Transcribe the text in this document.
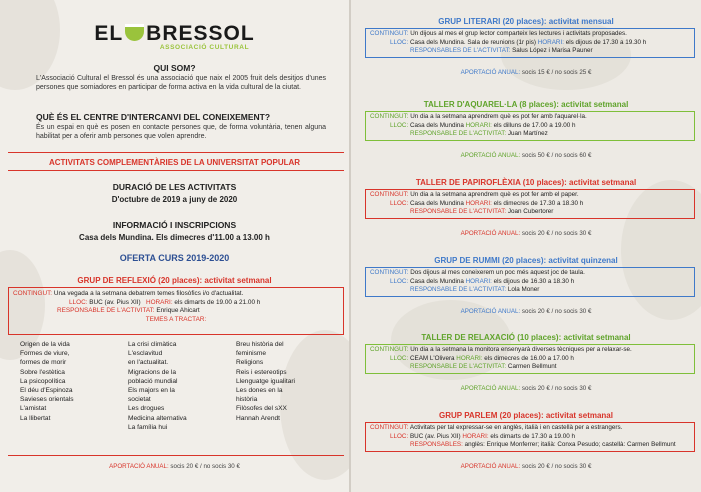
EL BRESSOL
ASSOCIACIÓ CULTURAL
QUI SOM?
L'Associació Cultural el Bressol és una associació que naix el 2005 fruit dels desitjos d'unes persones que somiadores en participar de forma activa en la vida cultural de la ciutat.
QUÈ ÉS EL CENTRE D'INTERCANVI DEL CONEIXEMENT?
És un espai en què es posen en contacte persones que, de forma voluntària, tenen alguna habilitat per a oferir amb persones que volen aprendre.
ACTIVITATS COMPLEMENTÀRIES DE LA UNIVERSITAT POPULAR
DURACIÓ DE LES ACTIVITATS
D'octubre de 2019 a juny de 2020
INFORMACIÓ I INSCRIPCIONS
Casa dels Mundina. Els dimecres d'11.00 a 13.00 h
OFERTA CURS 2019-2020
GRUP DE REFLEXIÓ (20 places): activitat setmanal
CONTINGUT: Una vegada a la setmana debatrem temes filosòfics i/o d'actualitat.
LLOC: BUC (av. Pius XII) HORARI: els dimarts de 19.00 a 21.00 h
RESPONSABLE DE L'ACTIVITAT: Enrique Ahicart
TEMES A TRACTAR:
Origen de la vida
Formes de viure,
formes de morir
Sobre l'estètica
La psicopolítica
El déu d'Espinoza
Savieses orientals
L'amistat
La llibertat
La crisi climàtica
L'esclavitud
en l'actualitat.
Migracions de la
població mundial
Els majors en la
societat
Les drogues
Medicina alternativa
La família hui
Breu història del
feminisme
Religions
Reis i estereotips
Llenguatge igualitari
Les dones en la
història
Filòsofes del sXX
Hannah Arendt
APORTACIÓ ANUAL: socis 20 € / no socis 30 €
GRUP LITERARI (20 places): activitat mensual
CONTINGUT: Un dijous al mes el grup lector comparteix les lectures i activitats proposades.
LLOC: Casa dels Mundina. Sala de reunions (1r pis) HORARI: els dijous de 17.30 a 19.30 h
RESPONSABLES DE L'ACTIVITAT: Salus López i Marisa Pauner
APORTACIÓ ANUAL: socis 15 € / no socis 25 €
TALLER D'AQUAREL·LA (8 places): activitat setmanal
CONTINGUT: Un dia a la setmana aprendrem què es pot fer amb l'aquarel·la.
LLOC: Casa dels Mundina HORARI: els dilluns de 17.00 a 19.00 h
RESPONSABLE DE L'ACTIVITAT: Juan Martínez
APORTACIÓ ANUAL: socis 50 € / no socis 60 €
TALLER DE PAPIROFLÈXIA (10 places): activitat setmanal
CONTINGUT: Un dia a la setmana aprendrem què es pot fer amb el paper.
LLOC: Casa dels Mundina HORARI: els dimecres de 17.30 a 18.30 h
RESPONSABLE DE L'ACTIVITAT: Joan Cubertorer
APORTACIÓ ANUAL: socis 20 € / no socis 30 €
GRUP DE RUMMI (20 places): activitat quinzenal
CONTINGUT: Dos dijous al mes coneixerem un poc més aquest joc de taula.
LLOC: Casa dels Mundina HORARI: els dijous de 16.30 a 18.30 h
RESPONSABLE DE L'ACTIVITAT: Lola Moner
APORTACIÓ ANUAL: socis 20 € / no socis 30 €
TALLER DE RELAXACIÓ (10 places): activitat setmanal
CONTINGUT: Un dia a la setmana la monitora ensenyarà diverses tècniques per a relaxar-se.
LLOC: CEAM L'Olivera HORARI: els dimecres de 16.00 a 17.00 h
RESPONSABLE DE L'ACTIVITAT: Carmen Bellmunt
APORTACIÓ ANUAL: socis 20 € / no socis 30 €
GRUP PARLEM (20 places): activitat setmanal
CONTINGUT: Activitats per tal expressar-se en anglès, italià i en castellà per a estrangers.
LLOC: BUC (av. Pius XII) HORARI: els dimarts de 17.30 a 19.00 h
RESPONSABLES: anglès: Enrique Monferrer; italià: Conxa Pesudo; castellà: Carmen Bellmunt
APORTACIÓ ANUAL: socis 20 € / no socis 30 €
